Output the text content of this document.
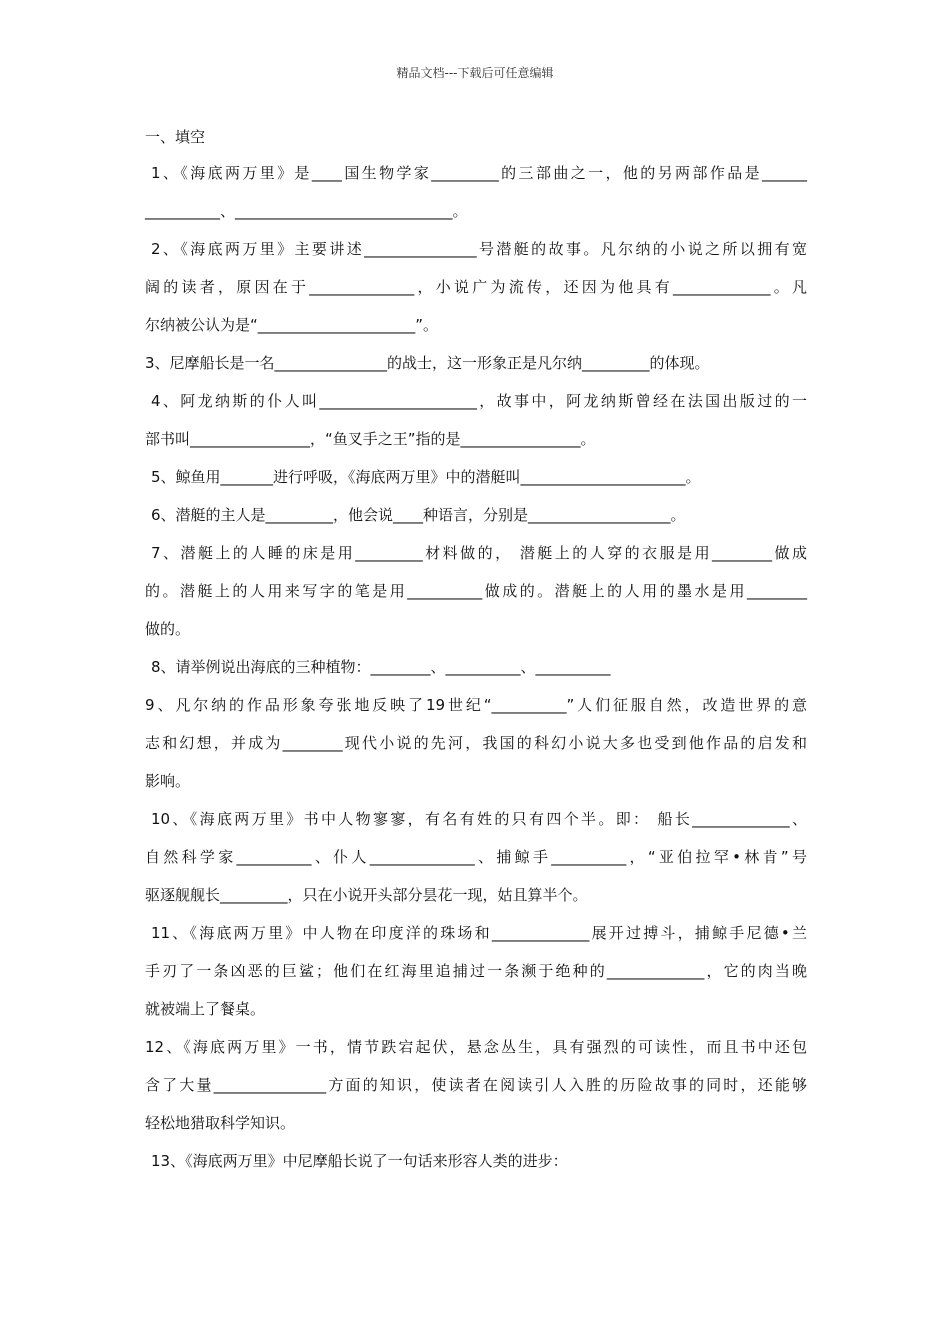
精品文档---下载后可任意编辑

一、填空

1、《海底两万里》是____国生物学家_________的三部曲之一，他的另两部作品是______
__________、_____________________________。
2、《海底两万里》主要讲述_______________号潜艇的故事。凡尔纳的小说之所以拥有宽
阔的读者，原因在于______________，小说广为流传，还因为他具有_____________。凡
尔纳被公认为是“_____________________”。
3、尼摩船长是一名_______________的战士，这一形象正是凡尔纳_________的体现。
4、阿龙纳斯的仆人叫_____________________，故事中，阿龙纳斯曾经在法国出版过的一
部书叫________________，“鱼叉手之王”指的是________________。
5、鲸鱼用_______进行呼吸，《海底两万里》中的潜艇叫______________________。
6、潜艇的主人是_________，他会说____种语言，分别是___________________。
7、潜艇上的人睡的床是用_________材料做的， 潜艇上的人穿的衣服是用________做成
的。潜艇上的人用来写字的笔是用__________做成的。潜艇上的人用的墨水是用________
做的。
8、请举例说出海底的三种植物：________、__________、__________
9、凡尔纳的作品形象夸张地反映了19世纪“__________”人们征服自然，改造世界的意
志和幻想，并成为________现代小说的先河，我国的科幻小说大多也受到他作品的启发和
影响。
10、《海底两万里》书中人物寥寥，有名有姓的只有四个半。即： 船长_____________、
自然科学家__________、仆人______________、捕鲸手__________，“亚伯拉罕•林肯”号
驱逐舰舰长_________，只在小说开头部分昙花一现，姑且算半个。
11、《海底两万里》中人物在印度洋的珠场和_____________展开过搏斗，捕鲸手尼德•兰
手刃了一条凶恶的巨鲨；他们在红海里追捕过一条濒于绝种的_____________，它的肉当晚
就被端上了餐桌。
12、《海底两万里》一书，情节跌宕起伏，悬念丛生，具有强烈的可读性，而且书中还包
含了大量_______________方面的知识，使读者在阅读引人入胜的历险故事的同时，还能够
轻松地猎取科学知识。
13、《海底两万里》中尼摩船长说了一句话来形容人类的进步：
